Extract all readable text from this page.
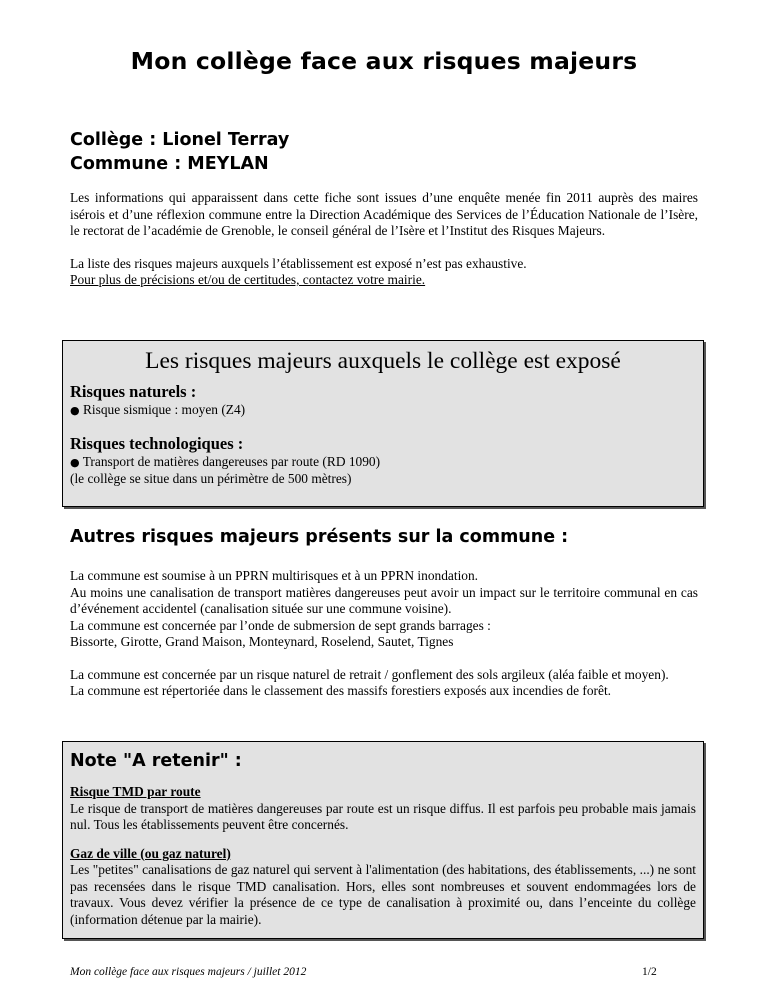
Mon collège face aux risques majeurs
Collège : Lionel Terray
Commune : MEYLAN

Les informations qui apparaissent dans cette fiche sont issues d’une enquête menée fin 2011 auprès des maires isérois et d’une réflexion commune entre la Direction Académique des Services de l’Éducation Nationale de l’Isère, le rectorat de l’académie de Grenoble, le conseil général de l’Isère et l’Institut des Risques Majeurs.

La liste des risques majeurs auxquels l’établissement est exposé n’est pas exhaustive.

Pour plus de précisions et/ou de certitudes, contactez votre mairie.

Les risques majeurs auxquels le collège est exposé
Risques naturels :
● Risque sismique : moyen (Z4)
Risques technologiques :
● Transport de matières dangereuses par route (RD 1090)
(le collège se situe dans un périmètre de 500 mètres)
Autres risques majeurs présents sur la commune :

La commune est soumise à un PPRN multirisques et à un PPRN inondation.

Au moins une canalisation de transport matières dangereuses peut avoir un impact sur le territoire communal en cas d’événement accidentel (canalisation située sur une commune voisine).

La commune est concernée par l’onde de submersion de sept grands barrages :

Bissorte, Girotte, Grand Maison, Monteynard, Roselend, Sautet, Tignes

La commune est concernée par un risque naturel de retrait / gonflement des sols argileux (aléa faible et moyen).

La commune est répertoriée dans le classement des massifs forestiers exposés aux incendies de forêt.

Note "A retenir" :

Risque TMD par route

Le risque de transport de matières dangereuses par route est un risque diffus. Il est parfois peu probable mais jamais nul. Tous les établissements peuvent être concernés.

Gaz de ville (ou gaz naturel)

Les "petites" canalisations de gaz naturel qui servent à l'alimentation (des habitations, des établissements, ...) ne sont pas recensées dans le risque TMD canalisation. Hors, elles sont nombreuses et souvent endommagées lors de travaux. Vous devez vérifier la présence de ce type de canalisation à proximité ou, dans l’enceinte du collège (information détenue par la mairie).

Mon collège face aux risques majeurs / juillet 2012	1/2
